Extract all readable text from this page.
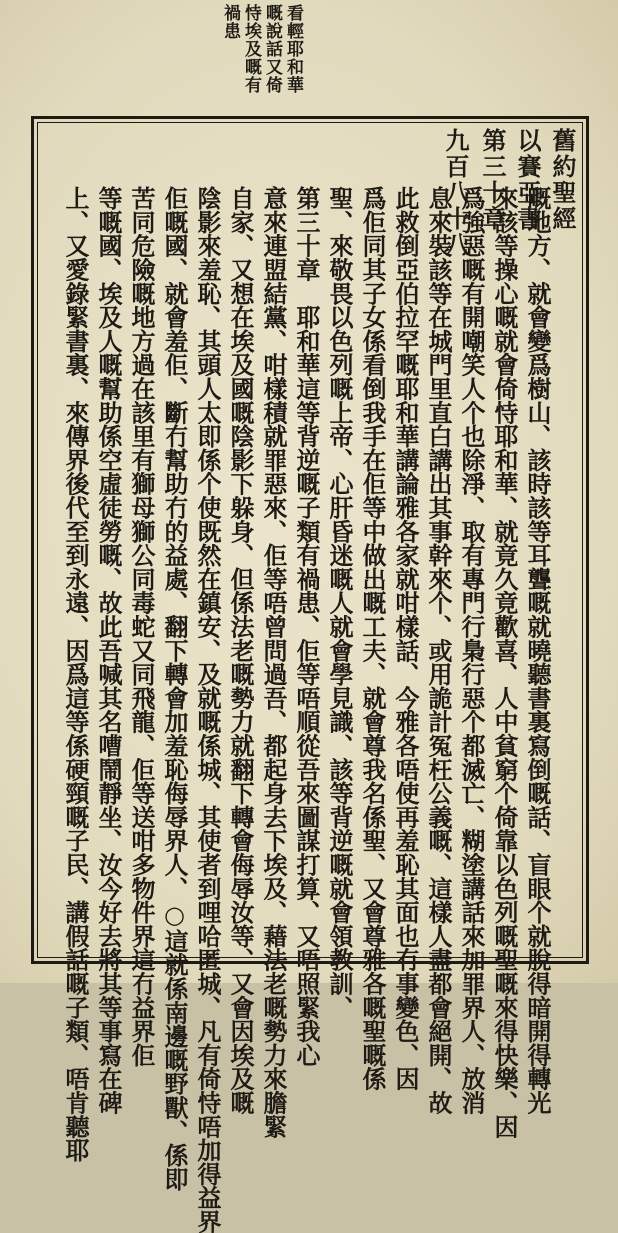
看輕耶和華
嘅說話又倚
恃埃及嘅有
禍患
舊約聖經
以賽亞書
第三十章
九百八十八 嘅地方、就會變爲樹山、該時該等耳聾嘅就曉聽書裏寫倒嘅話、盲眼个就脫得暗開得轉光
來該等操心嘅就會倚恃耶和華、就竟久竟歡喜、人中貧窮个倚靠以色列嘅聖嘅來得快樂、因
爲強惡嘅有開嘲笑人个也除淨、取有專門行梟行惡个都滅亡、糊塗講話來加罪界人、放消
息來裝該等在城門里直白講出其事幹來个、或用詭計冤枉公義嘅、這樣人盡都會絕開、故
此救倒亞伯拉罕嘅耶和華講論雅各家就咁樣話、今雅各唔使再羞恥其面也冇事變色、因
爲佢同其子女係看倒我手在佢等中做出嘅工夫、就會尊我名係聖、又會尊雅各嘅聖嘅係
聖、來敬畏以色列嘅上帝、心肝昏迷嘅人就會學見識、該等背逆嘅就會領教訓、
第三十章　耶和華這等背逆嘅子類有禍患、佢等唔順從吾來圖謀打算、又唔照緊我心
意來連盟結黨、咁樣積就罪惡來、佢等唔曾問過吾、都起身去下埃及、藉法老嘅勢力來膽緊
自家、又想在埃及國嘅陰影下躲身、但係法老嘅勢力就翻下轉會侮辱汝等、又會因埃及嘅
陰影來羞恥、其頭人太即係个使既然在鎮安、及就嘅係城、其使者到哩哈匿城、凡有倚恃唔加得益界
佢嘅國、就會羞佢、斷冇幫助冇的益處、翻下轉會加羞恥侮辱界人、○這就係南邊嘅野獸、係即
苦同危險嘅地方過在該里有獅母獅公同毒蛇又同飛龍、佢等送咁多物件界這冇益界佢
等嘅國、埃及人嘅幫助係空虛徒勞嘅、故此吾喊其名嘈鬧靜坐、汝今好去將其等事寫在碑
上、又愛錄緊書裏、來傳界後代至到永遠、因爲這等係硬頸嘅子民、講假話嘅子類、唔肯聽耶
